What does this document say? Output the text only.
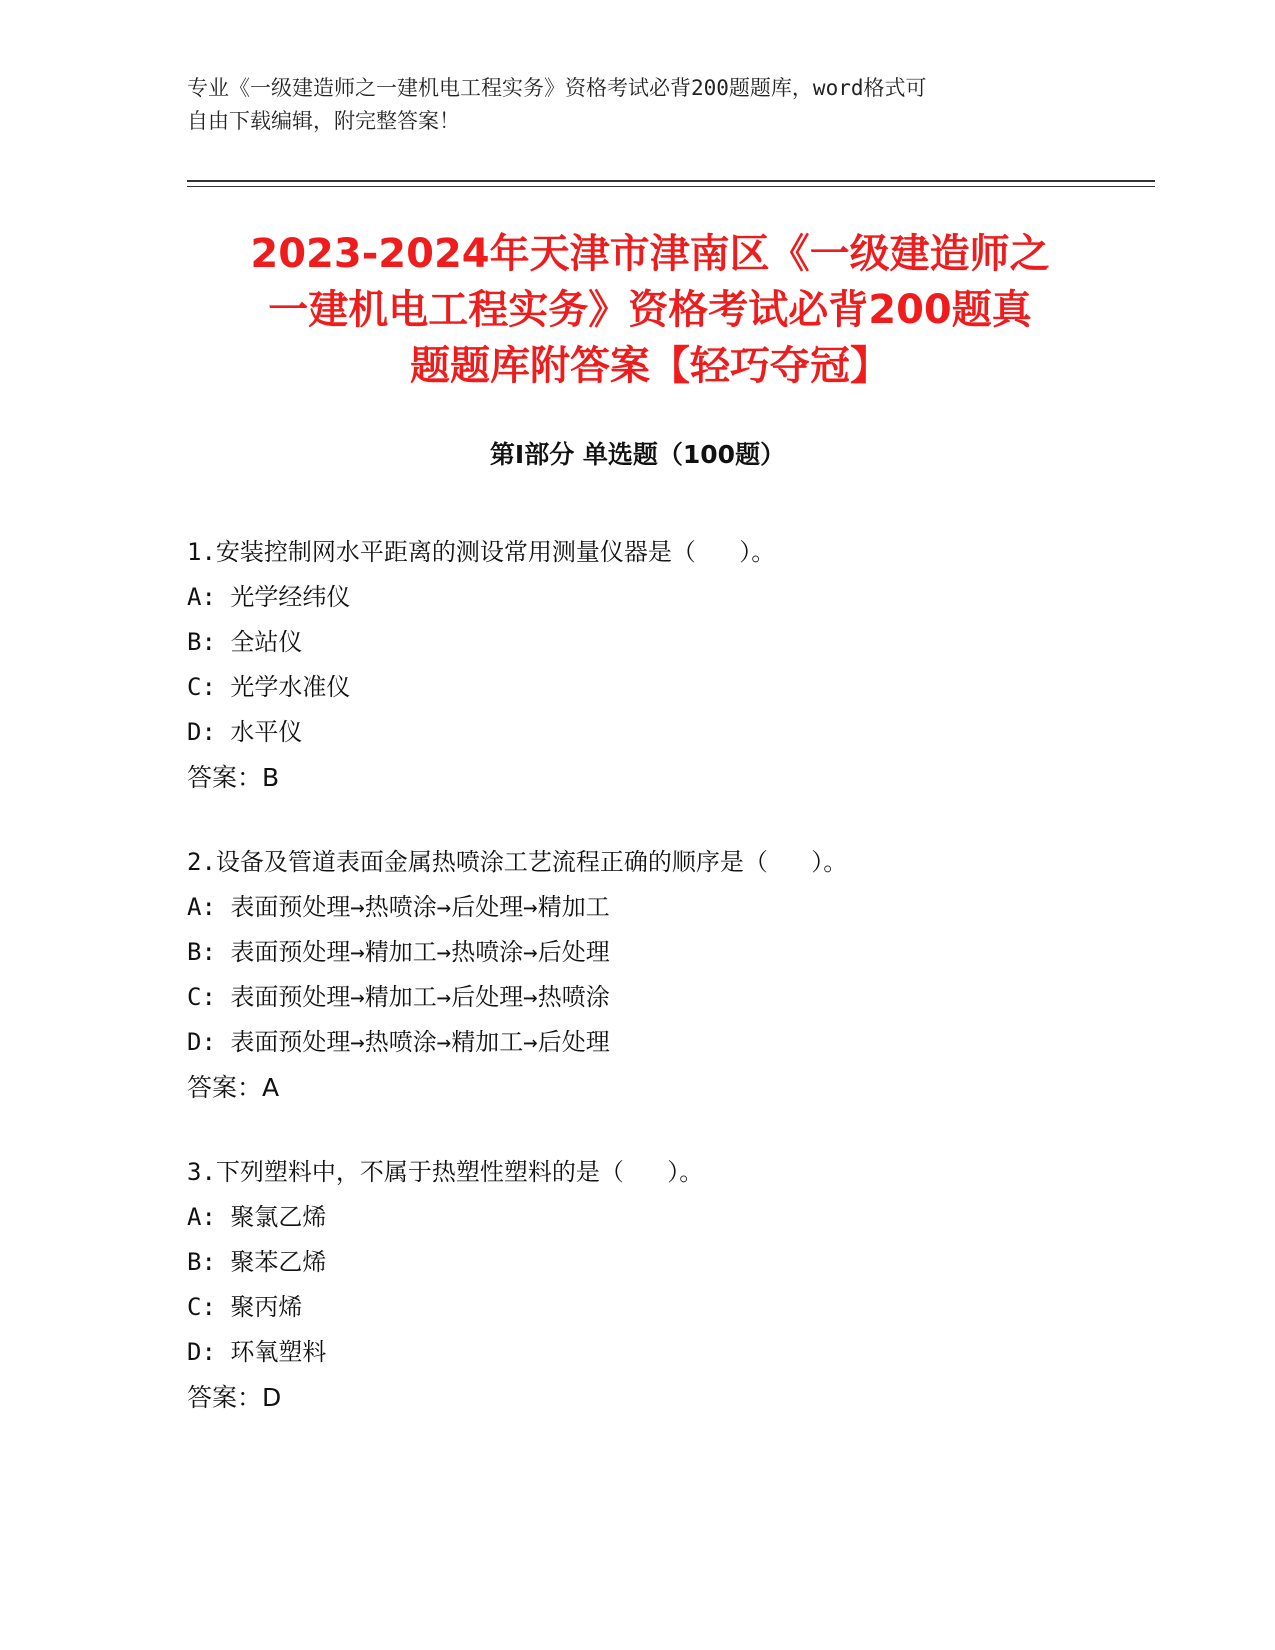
专业《一级建造师之一建机电工程实务》资格考试必背200题题库，word格式可
自由下载编辑，附完整答案！
2023-2024年天津市津南区《一级建造师之
一建机电工程实务》资格考试必背200题真
题题库附答案【轻巧夺冠】
第Ⅰ部分 单选题（100题）
1.安装控制网水平距离的测设常用测量仪器是（   ）。
A: 光学经纬仪
B: 全站仪
C: 光学水准仪
D: 水平仪
答案：B
2.设备及管道表面金属热喷涂工艺流程正确的顺序是（   ）。
A: 表面预处理→热喷涂→后处理→精加工
B: 表面预处理→精加工→热喷涂→后处理
C: 表面预处理→精加工→后处理→热喷涂
D: 表面预处理→热喷涂→精加工→后处理
答案：A
3.下列塑料中，不属于热塑性塑料的是（   ）。
A: 聚氯乙烯
B: 聚苯乙烯
C: 聚丙烯
D: 环氧塑料
答案：D
